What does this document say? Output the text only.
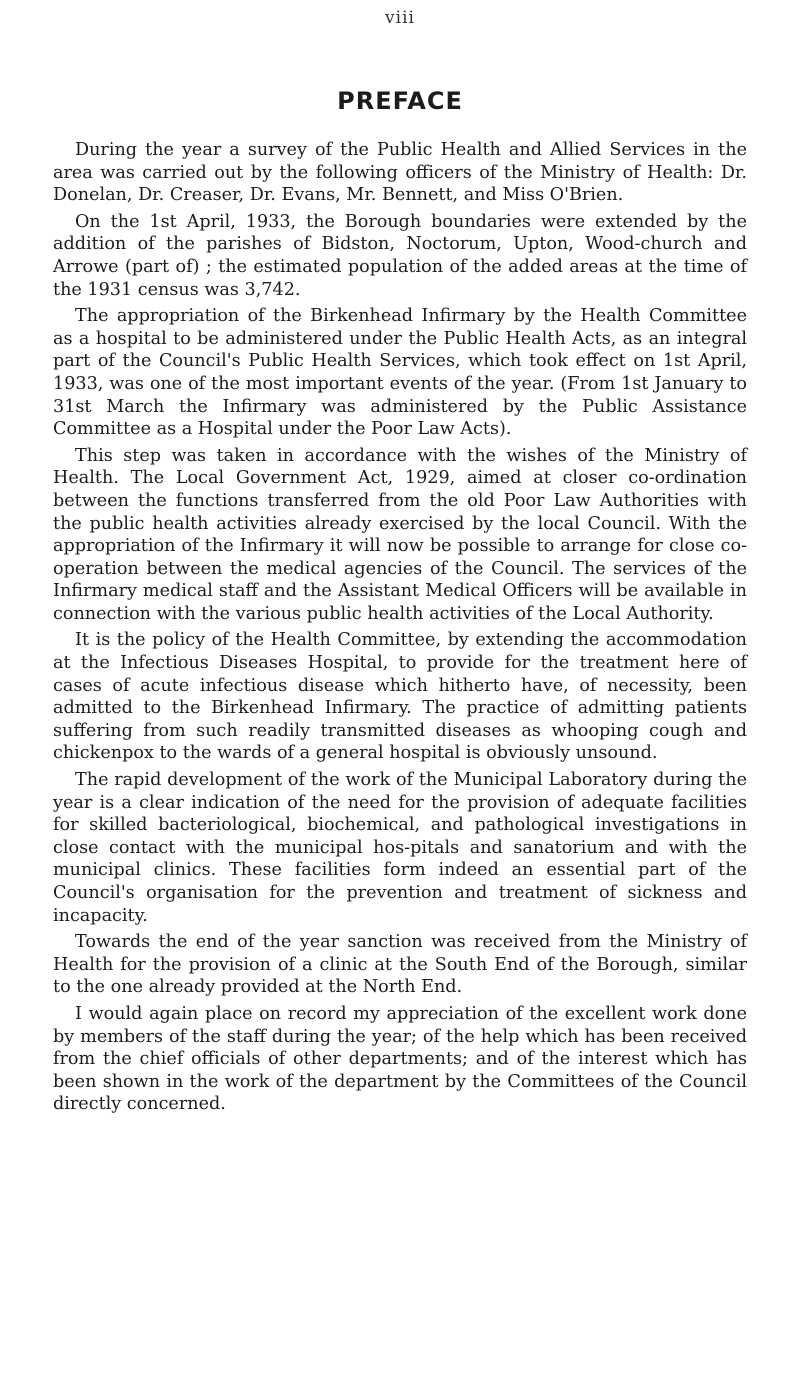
viii
PREFACE

During the year a survey of the Public Health and Allied Services in the area was carried out by the following officers of the Ministry of Health: Dr. Donelan, Dr. Creaser, Dr. Evans, Mr. Bennett, and Miss O'Brien.

On the 1st April, 1933, the Borough boundaries were extended by the addition of the parishes of Bidston, Noctorum, Upton, Wood-church and Arrowe (part of) ; the estimated population of the added areas at the time of the 1931 census was 3,742.

The appropriation of the Birkenhead Infirmary by the Health Committee as a hospital to be administered under the Public Health Acts, as an integral part of the Council's Public Health Services, which took effect on 1st April, 1933, was one of the most important events of the year. (From 1st January to 31st March the Infirmary was administered by the Public Assistance Committee as a Hospital under the Poor Law Acts).

This step was taken in accordance with the wishes of the Ministry of Health. The Local Government Act, 1929, aimed at closer co-ordination between the functions transferred from the old Poor Law Authorities with the public health activities already exercised by the local Council. With the appropriation of the Infirmary it will now be possible to arrange for close co-operation between the medical agencies of the Council. The services of the Infirmary medical staff and the Assistant Medical Officers will be available in connection with the various public health activities of the Local Authority.

It is the policy of the Health Committee, by extending the accommodation at the Infectious Diseases Hospital, to provide for the treatment here of cases of acute infectious disease which hitherto have, of necessity, been admitted to the Birkenhead Infirmary. The practice of admitting patients suffering from such readily transmitted diseases as whooping cough and chickenpox to the wards of a general hospital is obviously unsound.

The rapid development of the work of the Municipal Laboratory during the year is a clear indication of the need for the provision of adequate facilities for skilled bacteriological, biochemical, and pathological investigations in close contact with the municipal hos-pitals and sanatorium and with the municipal clinics. These facilities form indeed an essential part of the Council's organisation for the prevention and treatment of sickness and incapacity.

Towards the end of the year sanction was received from the Ministry of Health for the provision of a clinic at the South End of the Borough, similar to the one already provided at the North End.

I would again place on record my appreciation of the excellent work done by members of the staff during the year; of the help which has been received from the chief officials of other departments; and of the interest which has been shown in the work of the department by the Committees of the Council directly concerned.
